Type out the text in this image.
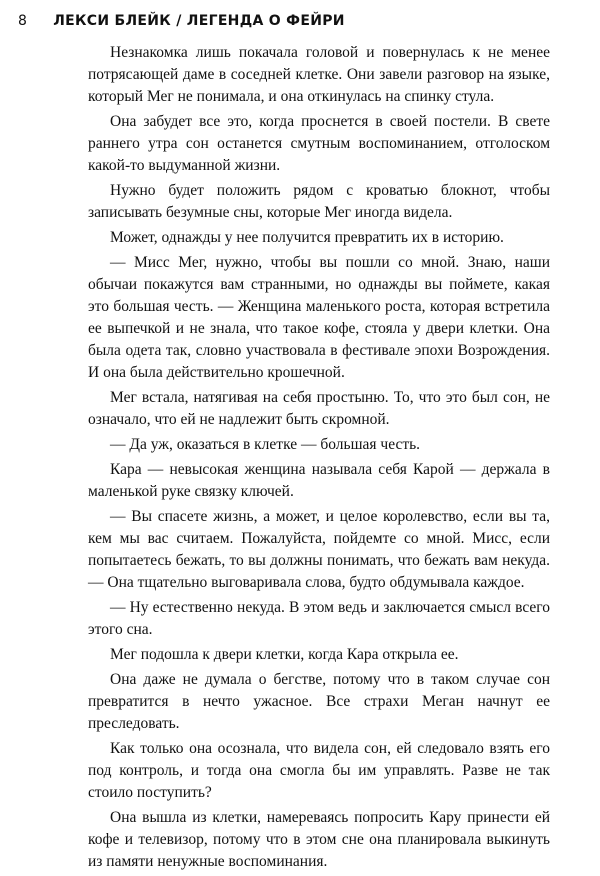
8 ЛЕКСИ БЛЕЙК / ЛЕГЕНДА О ФЕЙРИ

Незнакомка лишь покачала головой и повернулась к не менее потрясающей даме в соседней клетке. Они завели разговор на языке, который Мег не понимала, и она откинулась на спинку стула.

Она забудет все это, когда проснется в своей постели. В свете раннего утра сон останется смутным воспоминанием, отголоском какой-то выдуманной жизни.

Нужно будет положить рядом с кроватью блокнот, чтобы записывать безумные сны, которые Мег иногда видела.

Может, однажды у нее получится превратить их в историю.

— Мисс Мег, нужно, чтобы вы пошли со мной. Знаю, наши обычаи покажутся вам странными, но однажды вы поймете, какая это большая честь. — Женщина маленького роста, которая встретила ее выпечкой и не знала, что такое кофе, стояла у двери клетки. Она была одета так, словно участвовала в фестивале эпохи Возрождения. И она была действительно крошечной.

Мег встала, натягивая на себя простыню. То, что это был сон, не означало, что ей не надлежит быть скромной.

— Да уж, оказаться в клетке — большая честь.

Кара — невысокая женщина называла себя Карой — держала в маленькой руке связку ключей.

— Вы спасете жизнь, а может, и целое королевство, если вы та, кем мы вас считаем. Пожалуйста, пойдемте со мной. Мисс, если попытаетесь бежать, то вы должны понимать, что бежать вам некуда. — Она тщательно выговаривала слова, будто обдумывала каждое.

— Ну естественно некуда. В этом ведь и заключается смысл всего этого сна.

Мег подошла к двери клетки, когда Кара открыла ее.

Она даже не думала о бегстве, потому что в таком случае сон превратится в нечто ужасное. Все страхи Меган начнут ее преследовать.

Как только она осознала, что видела сон, ей следовало взять его под контроль, и тогда она смогла бы им управлять. Разве не так стоило поступить?

Она вышла из клетки, намереваясь попросить Кару принести ей кофе и телевизор, потому что в этом сне она планировала выкинуть из памяти ненужные воспоминания.
